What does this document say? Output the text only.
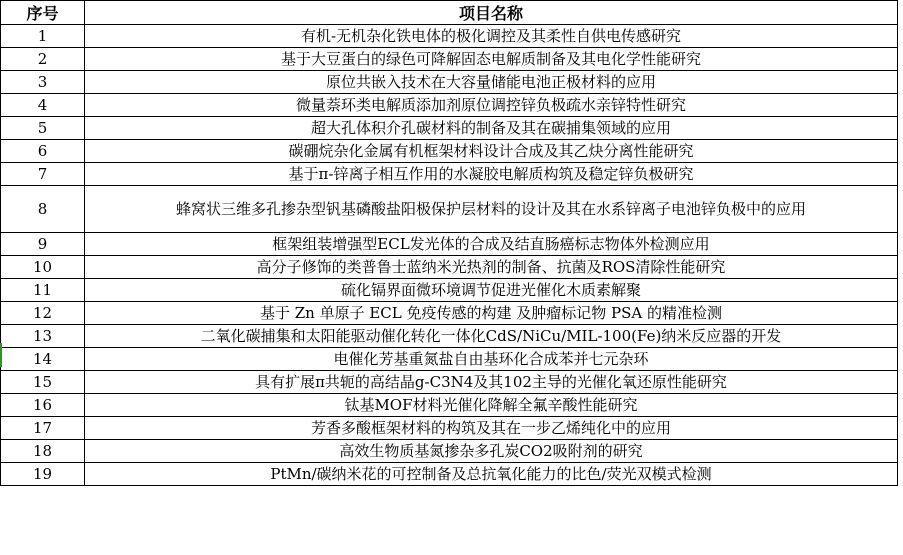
序号	项目名称
1	有机-无机杂化铁电体的极化调控及其柔性自供电传感研究
2	基于大豆蛋白的绿色可降解固态电解质制备及其电化学性能研究
3	原位共嵌入技术在大容量储能电池正极材料的应用
4	微量萘环类电解质添加剂原位调控锌负极疏水亲锌特性研究
5	超大孔体积介孔碳材料的制备及其在碳捕集领域的应用
6	碳硼烷杂化金属有机框架材料设计合成及其乙炔分离性能研究
7	基于π-锌离子相互作用的水凝胶电解质构筑及稳定锌负极研究
8	蜂窝状三维多孔掺杂型钒基磷酸盐阳极保护层材料的设计及其在水系锌离子电池锌负极中的应用
9	框架组装增强型ECL发光体的合成及结直肠癌标志物体外检测应用
10	高分子修饰的类普鲁士蓝纳米光热剂的制备、抗菌及ROS清除性能研究
11	硫化镉界面微环境调节促进光催化木质素解聚
12	基于 Zn 单原子 ECL 免疫传感的构建 及肿瘤标记物 PSA 的精准检测
13	二氧化碳捕集和太阳能驱动催化转化一体化CdS/NiCu/MIL-100(Fe)纳米反应器的开发
14	电催化芳基重氮盐自由基环化合成苯并七元杂环
15	具有扩展π共轭的高结晶g-C3N4及其102主导的光催化氧还原性能研究
16	钛基MOF材料光催化降解全氟辛酸性能研究
17	芳香多酸框架材料的构筑及其在一步乙烯纯化中的应用
18	高效生物质基氮掺杂多孔炭CO2吸附剂的研究
19	PtMn/碳纳米花的可控制备及总抗氧化能力的比色/荧光双模式检测
